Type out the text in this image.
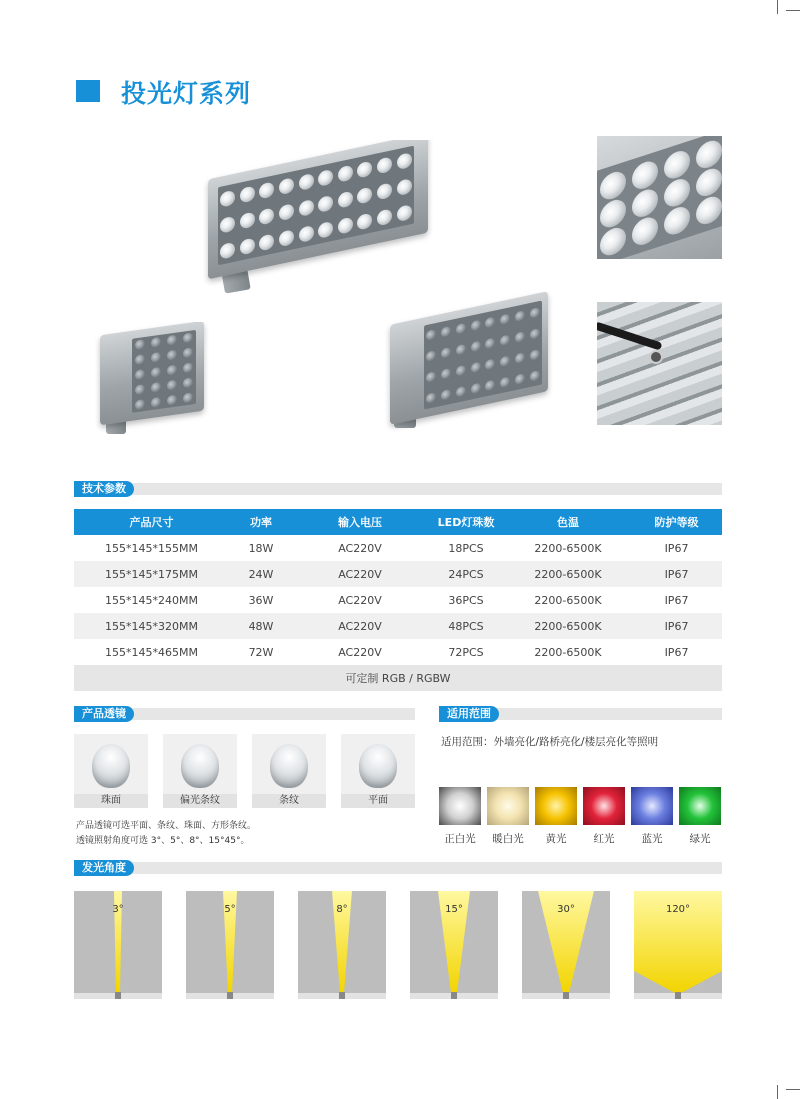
投光灯系列
技术参数
产品尺寸	功率	输入电压	LED灯珠数	色温	防护等级
155*145*155MM	18W	AC220V	18PCS	2200-6500K	IP67
155*145*175MM	24W	AC220V	24PCS	2200-6500K	IP67
155*145*240MM	36W	AC220V	36PCS	2200-6500K	IP67
155*145*320MM	48W	AC220V	48PCS	2200-6500K	IP67
155*145*465MM	72W	AC220V	72PCS	2200-6500K	IP67
可定制 RGB / RGBW					
产品透镜
珠面	偏光条纹	条纹	平面
产品透镜可选平面、条纹、珠面、方形条纹。
透镜照射角度可选 3°、5°、8°、15°45°。
适用范围
适用范围：外墙亮化/路桥亮化/楼层亮化等照明
正白光	暖白光	黄光	红光	蓝光	绿光
发光角度
3°	5°	8°	15°	30°	120°
